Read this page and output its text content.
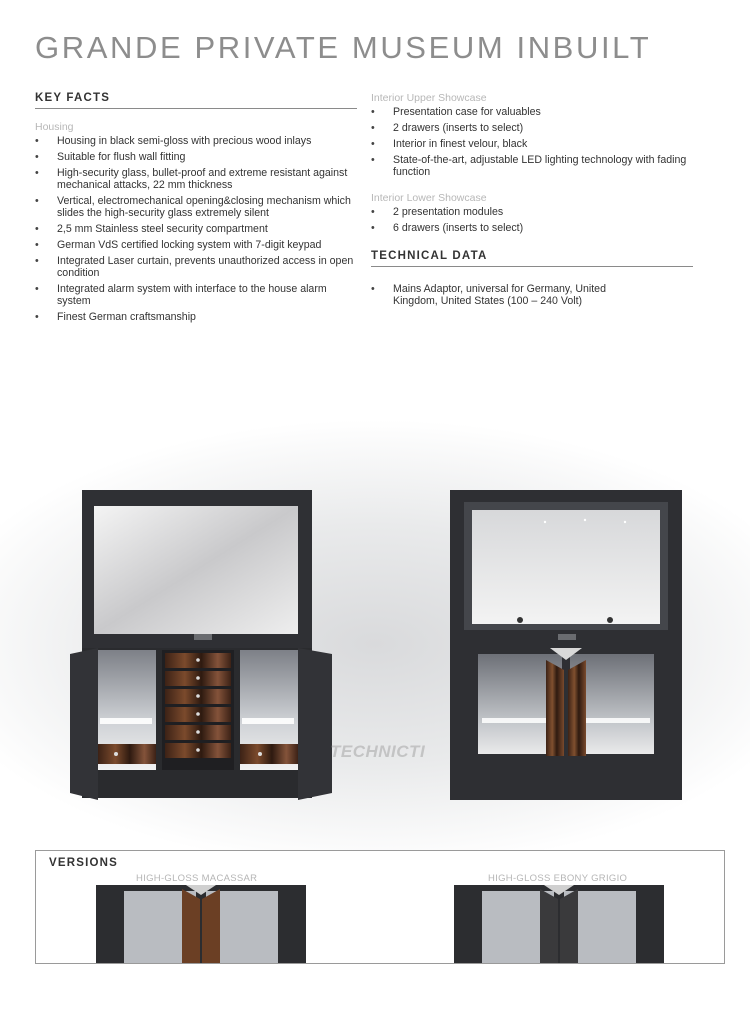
GRANDE PRIVATE MUSEUM INBUILT
KEY FACTS

Housing

• Housing in black semi-gloss with precious wood inlays
• Suitable for flush wall fitting
• High-security glass, bullet-proof and extreme resistant against mechanical attacks, 22 mm thickness
• Vertical, electromechanical opening&closing mechanism which slides the high-security glass extremely silent
• 2,5 mm Stainless steel security compartment
• German VdS certified locking system with 7-digit keypad
• Integrated Laser curtain, prevents unauthorized access in open condition
• Integrated alarm system with interface to the house alarm system
• Finest German craftsmanship

Interior Upper Showcase

• Presentation case for valuables
• 2 drawers (inserts to select)
• Interior in finest velour, black
• State-of-the-art, adjustable LED lighting technology with fading function

Interior Lower Showcase

• 2 presentation modules
• 6 drawers (inserts to select)
TECHNICAL DATA
• Mains Adaptor, universal for Germany, United Kingdom, United States (100 – 240 Volt)
TECHNICTI
VERSIONS
HIGH-GLOSS MACASSAR	HIGH-GLOSS EBONY GRIGIO
